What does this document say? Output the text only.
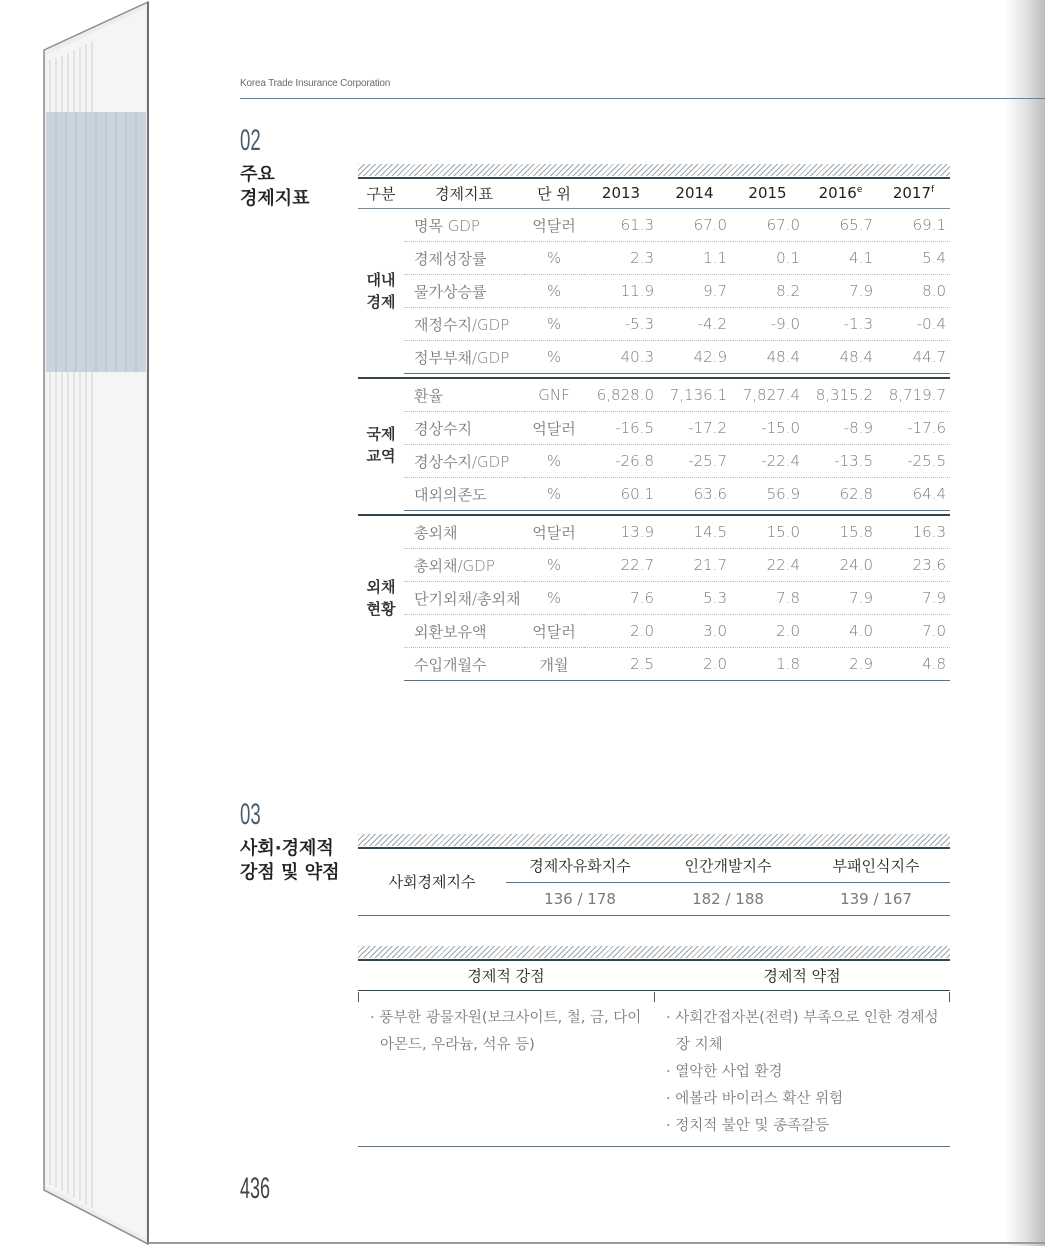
Korea Trade Insurance Corporation
02
주요
경제지표	구분	경제지표	단 위	2013	2014	2015	2016e	2017$^f$
대내
경제	명목 GDP	억달러	61.3	67.0	67.0	65.7	69.1
	경제성장률	%	2.3	1.1	0.1	4.1	5.4
	물가상승률	%	11.9	9.7	8.2	7.9	8.0
	재정수지/GDP	%	-5.3	-4.2	-9.0	-1.3	-0.4
	정부부채/GDP	%	40.3	42.9	48.4	48.4	44.7

국제
교역	환율	GNF	6,828.0	7,136.1	7,827.4	8,315.2	8,719.7
	경상수지	억달러	-16.5	-17.2	-15.0	-8.9	-17.6
	경상수지/GDP	%	-26.8	-25.7	-22.4	-13.5	-25.5
	대외의존도	%	60.1	63.6	56.9	62.8	64.4

외채
현황	총외채	억달러	13.9	14.5	15.0	15.8	16.3
	총외채/GDP	%	22.7	21.7	22.4	24.0	23.6
	단기외채/총외채	%	7.6	5.3	7.8	7.9	7.9
	외환보유액	억달러	2.0	3.0	2.0	4.0	7.0
	수입개월수	개월	2.5	2.0	1.8	2.9	4.8
03
사회·경제적
강점 및 약점	사회경제지수	경제자유화지수	인간개발지수	부패인식지수
	136 / 178	182 / 188	139 / 167
경제적 강점	경제적 약점
· 풍부한 광물자원(보크사이트, 철, 금, 다이아몬드, 우라늄, 석유 등)
· 사회간접자본(전력) 부족으로 인한 경제성장 지체
· 열악한 사업 환경
· 에볼라 바이러스 확산 위험
· 정치적 불안 및 종족갈등
436
